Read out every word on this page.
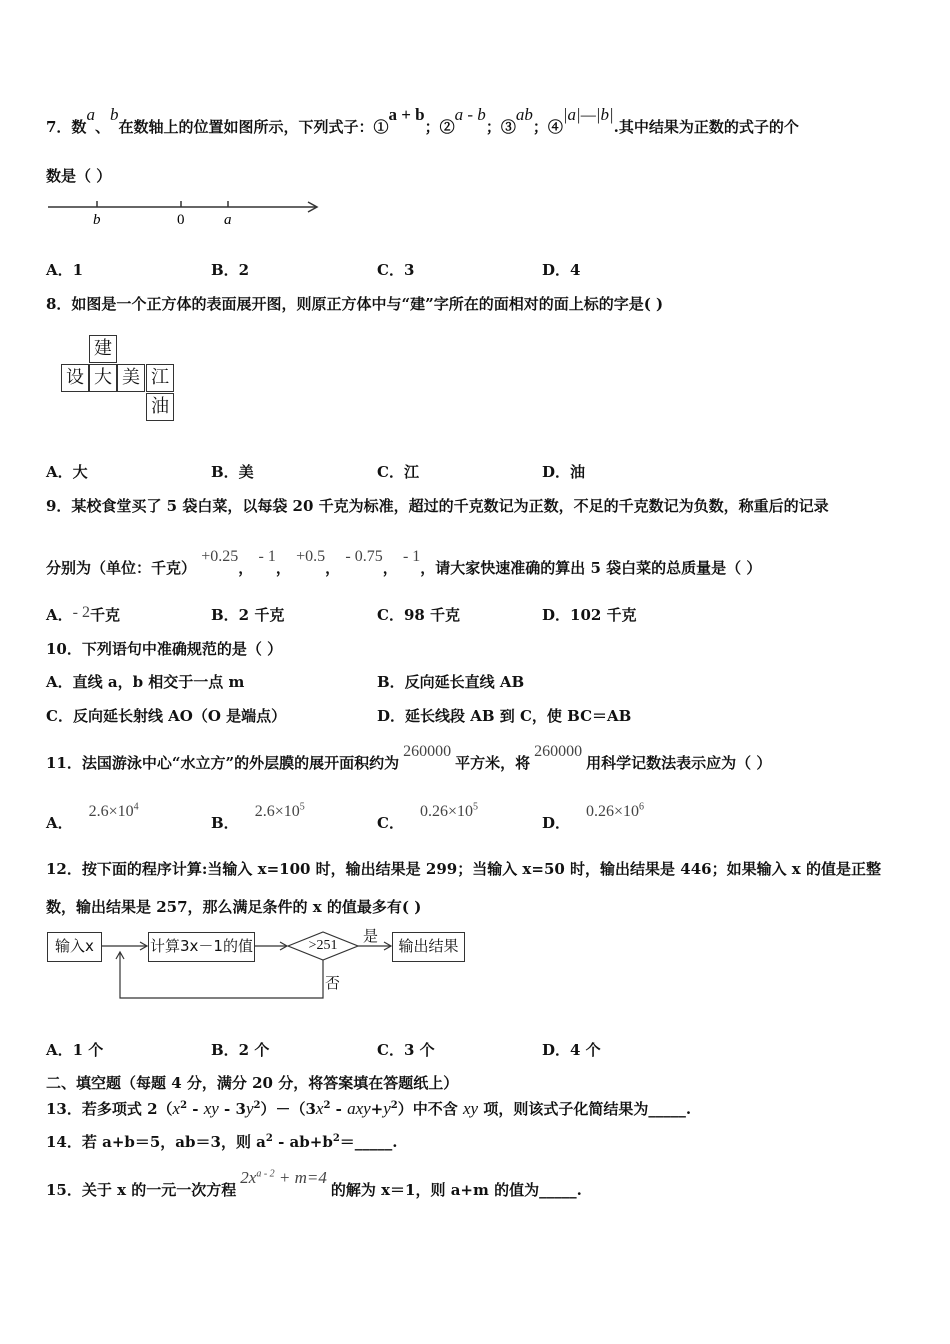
7．数a、b在数轴上的位置如图所示，下列式子：①a + b；②a - b；③ab；④|a|—|b|.其中结果为正数的式子的个
数是（ ）
b	0	a
A．1	B．2	C．3	D．4
8．如图是一个正方体的表面展开图，则原正方体中与“建”字所在的面相对的面上标的字是( )
建
设 大 美 江
油
A．大	B．美	C．江	D．油
9．某校食堂买了 5 袋白菜，以每袋 20 千克为标准，超过的千克数记为正数，不足的千克数记为负数，称重后的记录
分别为（单位：千克） +0.25， - 1， +0.5， - 0.75， - 1，请大家快速准确的算出 5 袋白菜的总质量是（ ）
A．- 2千克	B．2 千克	C．98 千克	D．102 千克
10．下列语句中准确规范的是（ ）
A．直线 a，b 相交于一点 m	B．反向延长直线 AB
C．反向延长射线 AO（O 是端点）	D．延长线段 AB 到 C，使 BC＝AB
11．法国游泳中心“水立方”的外层膜的展开面积约为260000平方米，将260000用科学记数法表示应为（ ）
A．$2.6\times 10^4$
B．$2.6\times 10^5$
C．$0.26\times 10^5$
D．$0.26\times 10^6$
12．按下面的程序计算:当输入 x=100 时，输出结果是 299；当输入 x=50 时，输出结果是 446；如果输入 x 的值是正整
数，输出结果是 257，那么满足条件的 x 的值最多有( )
输入x	计算3x－1的值	>251
是
输出结果
否
A．1 个	B．2 个	C．3 个	D．4 个
二、填空题（每题 4 分，满分 20 分，将答案填在答题纸上）
13．若多项式 $2(x^2$ - xy - $3y^2)-(3x^2 - axy+y^2)$中不含 xy 项，则该式子化简结果为_____.
14．若 a+b＝5，ab＝3，则 $a^2$ - $ab+b^2=\_\_\_\_\_$.
15．关于 x 的一元一次方程$2x^{a - 2} + m=4$的解为 x＝1，则 a+m 的值为_____.
